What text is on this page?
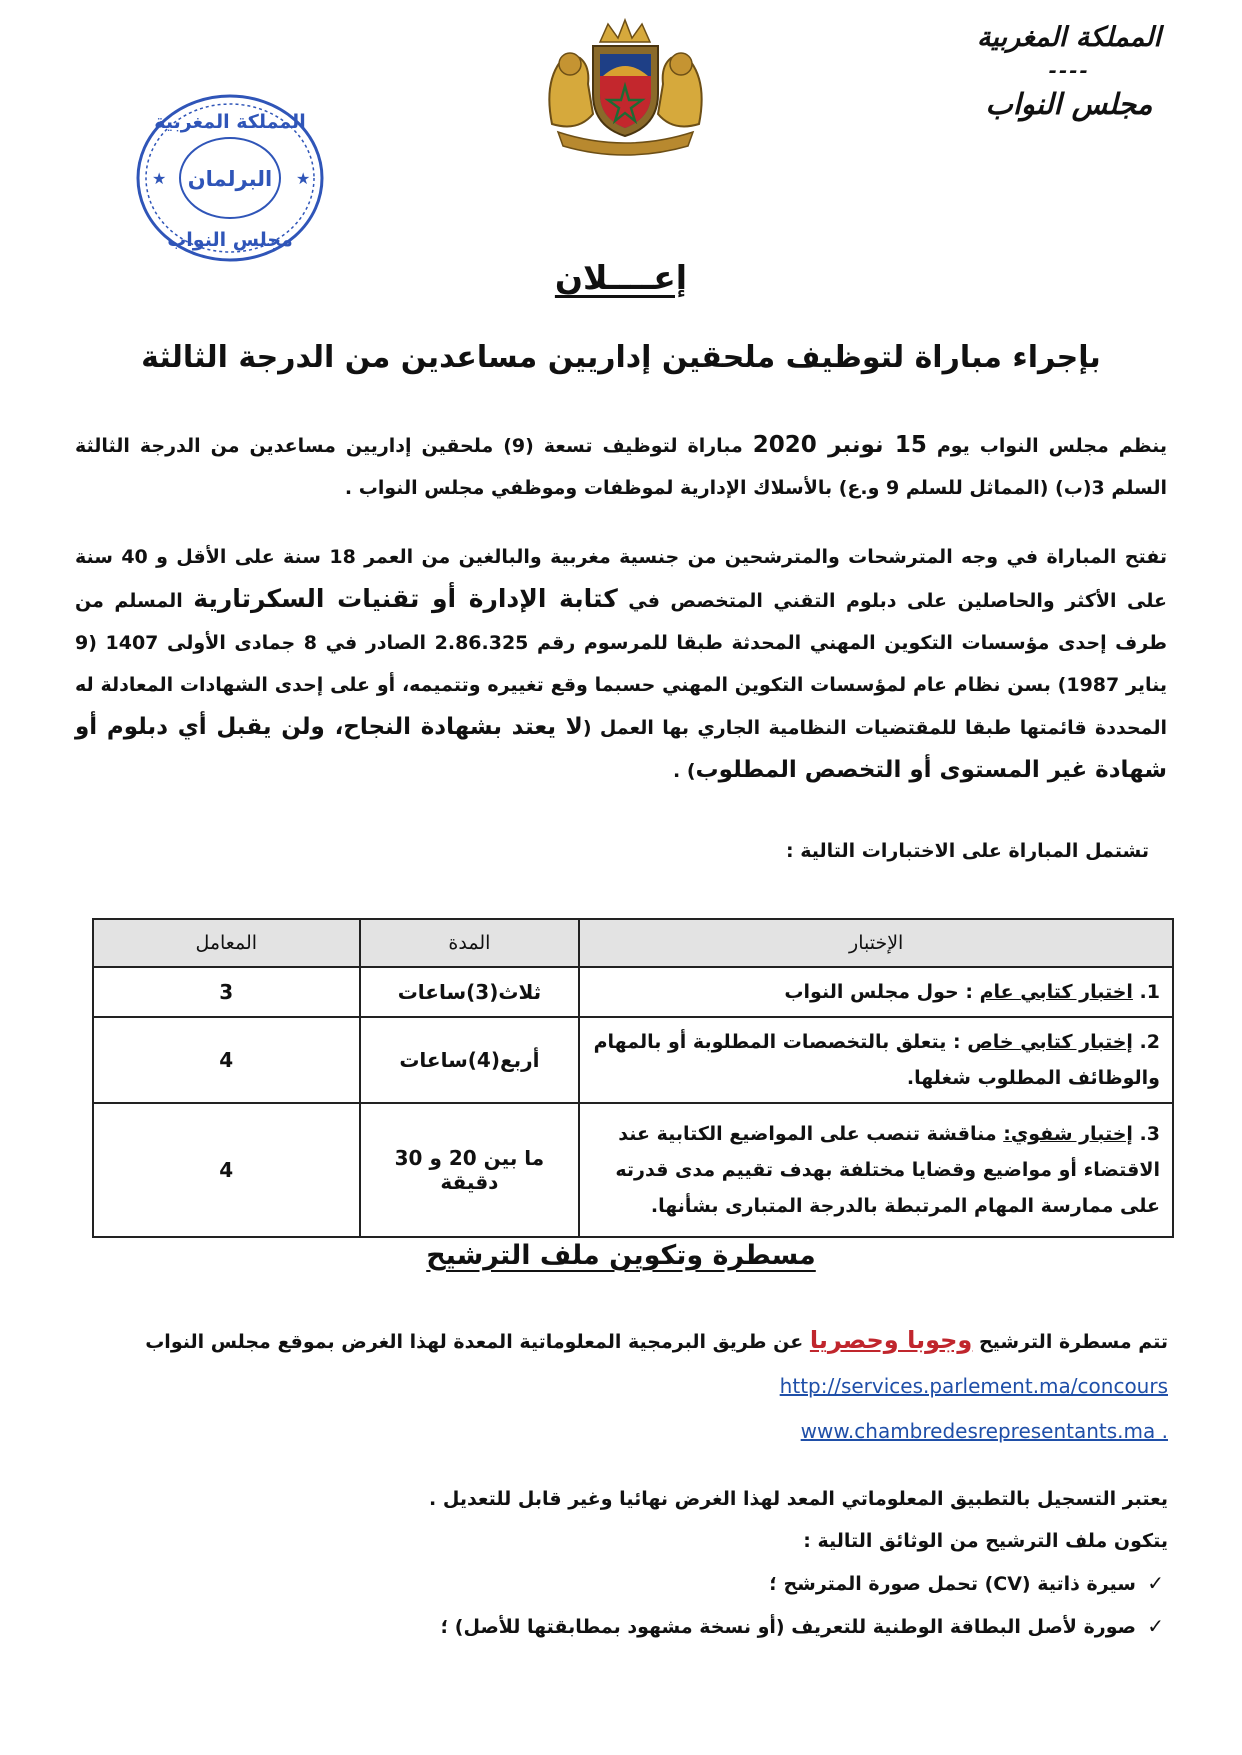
المملكة المغربية
----
مجلس النواب
المملكة المغربية
البرلمان
مجلس النواب
★	★
إعــــلان
بإجراء مباراة لتوظيف ملحقين إداريين مساعدين من الدرجة الثالثة
ينظم مجلس النواب يوم 15 نونبر 2020 مباراة لتوظيف تسعة (9) ملحقين إداريين مساعدين من الدرجة الثالثة السلم 3(ب) (المماثل للسلم 9 و.ع) بالأسلاك الإدارية لموظفات وموظفي مجلس النواب .
تفتح المباراة في وجه المترشحات والمترشحين من جنسية مغربية والبالغين من العمر 18 سنة على الأقل و 40 سنة على الأكثر والحاصلين على دبلوم التقني المتخصص في كتابة الإدارة أو تقنيات السكرتارية المسلم من طرف إحدى مؤسسات التكوين المهني المحدثة طبقا للمرسوم رقم 2.86.325 الصادر في 8 جمادى الأولى 1407 (9 يناير 1987) بسن نظام عام لمؤسسات التكوين المهني حسبما وقع تغييره وتتميمه، أو على إحدى الشهادات المعادلة له المحددة قائمتها طبقا للمقتضيات النظامية الجاري بها العمل (لا يعتد بشهادة النجاح، ولن يقبل أي دبلوم أو شهادة غير المستوى أو التخصص المطلوب) .
تشتمل المباراة على الاختبارات التالية :
الإختبار	المدة	المعامل
1. اختبار كتابي عام : حول مجلس النواب	ثلاث(3)ساعات	3
2. إختبار كتابي خاص : يتعلق بالتخصصات المطلوبة أو بالمهام والوظائف المطلوب شغلها.	أربع(4)ساعات	4
3. إختبار شفوي: مناقشة تنصب على المواضيع الكتابية عند الاقتضاء أو مواضيع وقضايا مختلفة بهدف تقييم مدى قدرته على ممارسة المهام المرتبطة بالدرجة المتبارى بشأنها.	ما بين 20 و 30 دقيقة	4
مسطرة وتكوين ملف الترشيح
تتم مسطرة الترشيح وجوبا وحصريا عن طريق البرمجية المعلوماتية المعدة لهذا الغرض بموقع مجلس النواب http://services.parlement.ma/concours
www.chambredesrepresentants.ma .
يعتبر التسجيل بالتطبيق المعلوماتي المعد لهذا الغرض نهائيا وغير قابل للتعديل .
يتكون ملف الترشيح من الوثائق التالية :
✓سيرة ذاتية (CV) تحمل صورة المترشح ؛
✓صورة لأصل البطاقة الوطنية للتعريف (أو نسخة مشهود بمطابقتها للأصل) ؛
